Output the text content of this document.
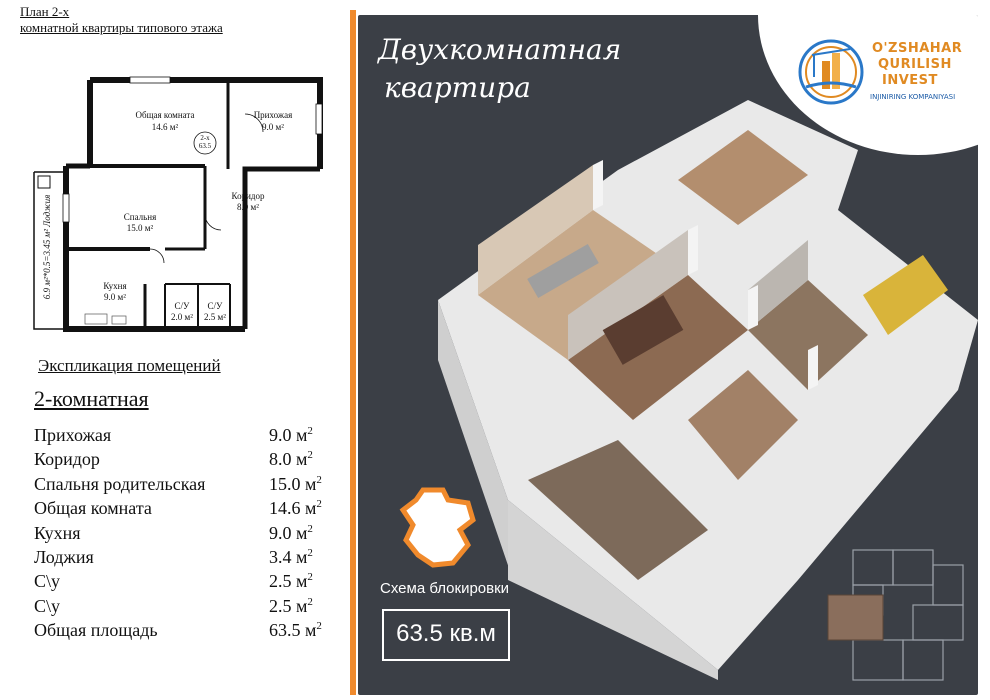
План 2-х
комнатной квартиры типового этажа
Общая комната
14.6 м²
Прихожая
9.0 м²
2-х
63.5
Коридор
8.0 м²
Спальня
15.0 м²
Кухня
9.0 м²
С/У
2.0 м²
С/У
2.5 м²
6.9 м²*0.5=3.45 м² Лоджия
Экспликация помещений
2-комнатная
Прихожая	9.0 $м^2$
Коридор	8.0 $м^2$
Спальня родительская	15.0 $м^2$
Общая комната	14.6 $м^2$
Кухня	9.0 $м^2$
Лоджия	3.4 $м^2$
С\у	2.5 $м^2$
С\у	2.5 $м^2$
Общая площадь	63.5 $м^2$
Двухкомнатная
квартира
O'ZSHAHAR
QURILISH
INVEST
INJINIRING KOMPANIYASI
Схема блокировки
63.5 кв.м
